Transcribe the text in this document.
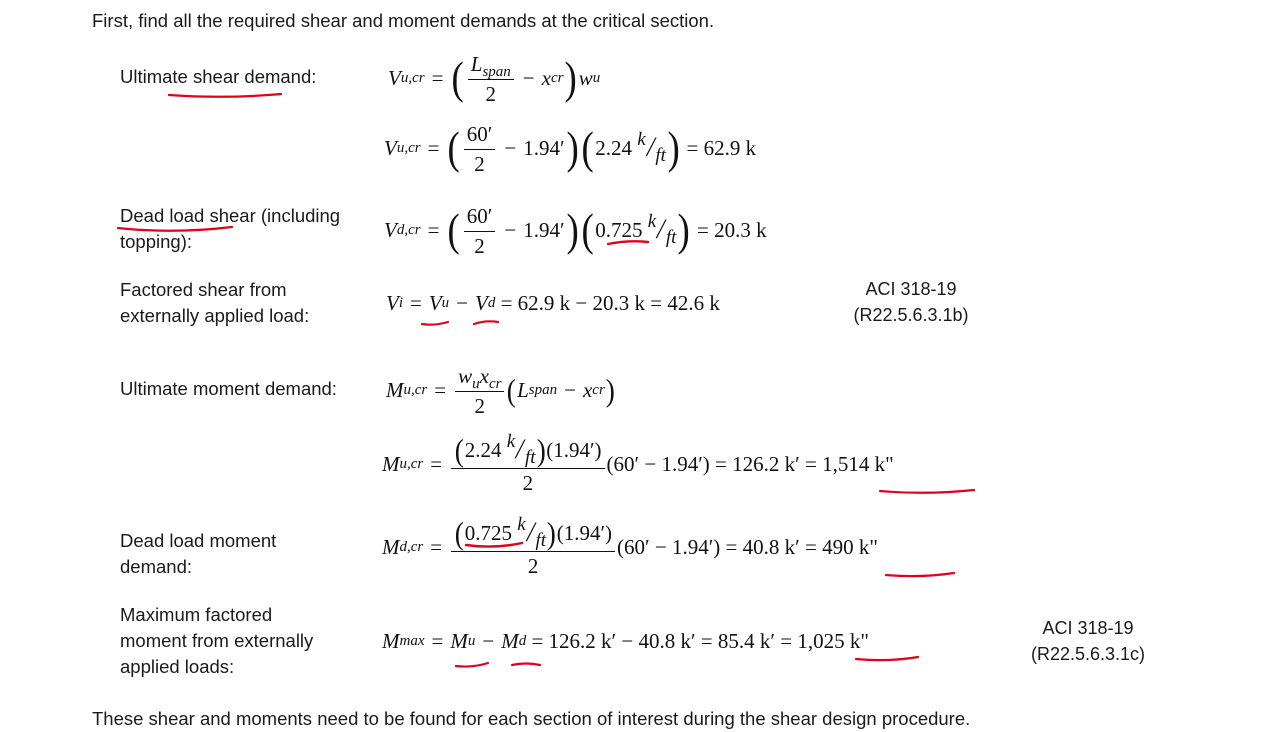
First, find all the required shear and moment demands at the critical section.
Ultimate shear demand:	V u,cr = ( $\frac{L_{span}}{2} - x$ cr ) w u
V u,cr = ( $\frac{60'}{2} - 1.94'$ ) ( 2.24
k
/
ft )
= 62.9 k
Dead load shear (including
topping):	V d,cr = ( $\frac{60'}{2} - 1.94'$ ) ( 0.725
k
/
ft )
= 20.3 k
Factored shear from
externally applied load:
V i = V u − V d
= 62.9 k − 20.3 k = 42.6 k
ACI 318-19
(R22.5.6.3.1b)
Ultimate moment demand: M $u,cr = \frac{w_ux_{cr}}{2}$ ( L span − x cr )
M u,cr = ( 2.24
k
/
ft ) ( 1.94′ )
2 (60′ − 1.94′) = 126.2 k′ =
1,514 k"
Dead load moment
demand:
M d,cr = ( 0.725
k
/
ft ) ( 1.94′ )
2 (60′ − 1.94′) = 40.8 k′ =
490 k"
Maximum factored
moment from externally
applied loads:
M max = M u − M d
= 126.2 k′ − 40.8 k′ = 85.4 k′ =
1,025 k"
ACI 318-19
(R22.5.6.3.1c)
These shear and moments need to be found for each section of interest during the shear design procedure.
